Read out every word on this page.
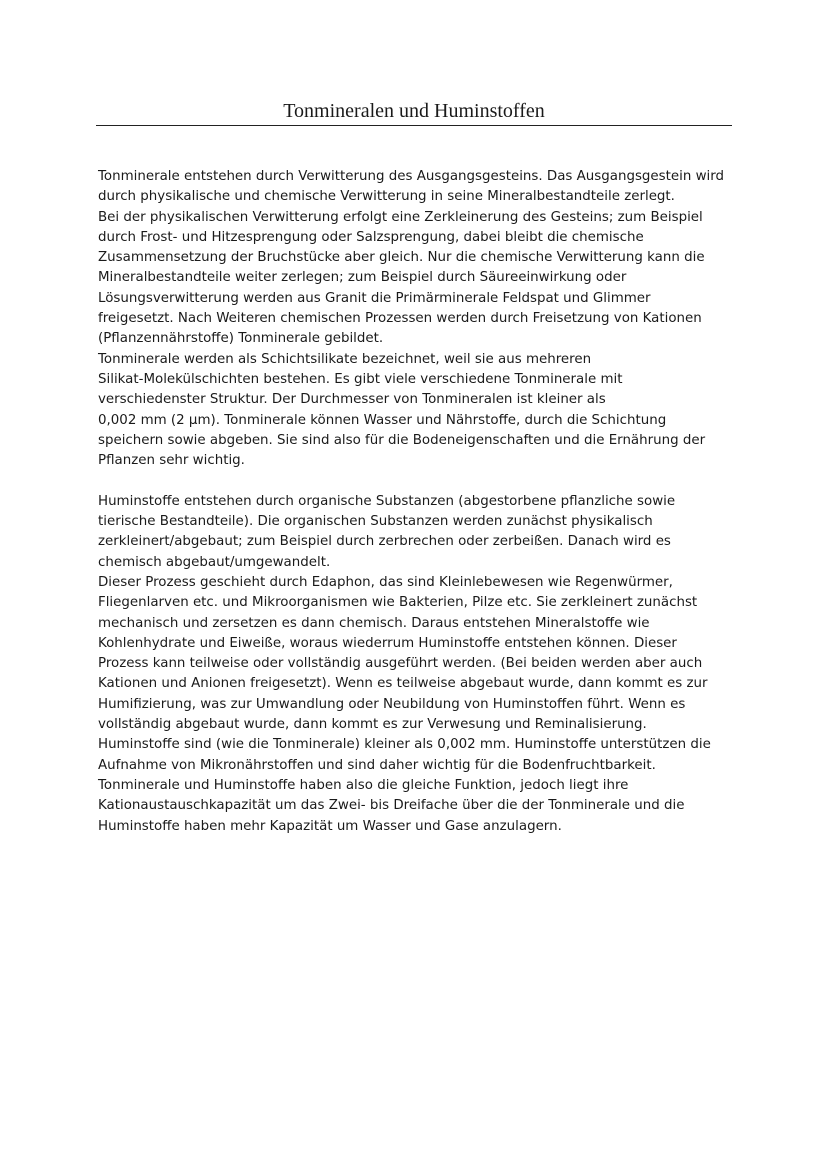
Tonmineralen und Huminstoffen
Tonminerale entstehen durch Verwitterung des Ausgangsgesteins. Das Ausgangsgestein wird
durch physikalische und chemische Verwitterung in seine Mineralbestandteile zerlegt.
Bei der physikalischen Verwitterung erfolgt eine Zerkleinerung des Gesteins; zum Beispiel
durch Frost- und Hitzesprengung oder Salzsprengung, dabei bleibt die chemische
Zusammensetzung der Bruchstücke aber gleich. Nur die chemische Verwitterung kann die
Mineralbestandteile weiter zerlegen; zum Beispiel durch Säureeinwirkung oder
Lösungsverwitterung werden aus Granit die Primärminerale Feldspat und Glimmer
freigesetzt. Nach Weiteren chemischen Prozessen werden durch Freisetzung von Kationen
(Pflanzennährstoffe) Tonminerale gebildet.
Tonminerale werden als Schichtsilikate bezeichnet, weil sie aus mehreren
Silikat-Molekülschichten bestehen. Es gibt viele verschiedene Tonminerale mit
verschiedenster Struktur. Der Durchmesser von Tonmineralen ist kleiner als
0,002 mm (2 µm). Tonminerale können Wasser und Nährstoffe, durch die Schichtung
speichern sowie abgeben. Sie sind also für die Bodeneigenschaften und die Ernährung der
Pflanzen sehr wichtig.
Huminstoffe entstehen durch organische Substanzen (abgestorbene pflanzliche sowie
tierische Bestandteile). Die organischen Substanzen werden zunächst physikalisch
zerkleinert/abgebaut; zum Beispiel durch zerbrechen oder zerbeißen. Danach wird es
chemisch abgebaut/umgewandelt.
Dieser Prozess geschieht durch Edaphon, das sind Kleinlebewesen wie Regenwürmer,
Fliegenlarven etc. und Mikroorganismen wie Bakterien, Pilze etc. Sie zerkleinert zunächst
mechanisch und zersetzen es dann chemisch. Daraus entstehen Mineralstoffe wie
Kohlenhydrate und Eiweiße, woraus wiederrum Huminstoffe entstehen können. Dieser
Prozess kann teilweise oder vollständig ausgeführt werden. (Bei beiden werden aber auch
Kationen und Anionen freigesetzt). Wenn es teilweise abgebaut wurde, dann kommt es zur
Humifizierung, was zur Umwandlung oder Neubildung von Huminstoffen führt. Wenn es
vollständig abgebaut wurde, dann kommt es zur Verwesung und Reminalisierung.
Huminstoffe sind (wie die Tonminerale) kleiner als 0,002 mm. Huminstoffe unterstützen die
Aufnahme von Mikronährstoffen und sind daher wichtig für die Bodenfruchtbarkeit.
Tonminerale und Huminstoffe haben also die gleiche Funktion, jedoch liegt ihre
Kationaustauschkapazität um das Zwei- bis Dreifache über die der Tonminerale und die
Huminstoffe haben mehr Kapazität um Wasser und Gase anzulagern.
